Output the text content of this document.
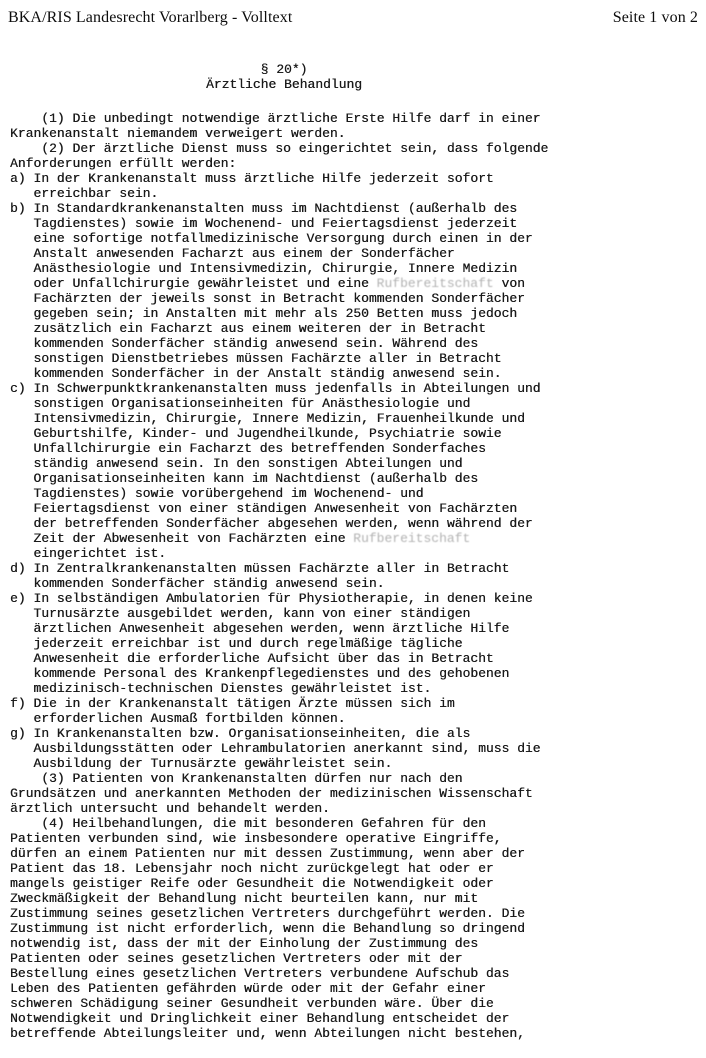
BKA/RIS Landesrecht Vorarlberg - Volltext	Seite 1 von 2
§ 20*)
Ärztliche Behandlung
(1) Die unbedingt notwendige ärztliche Erste Hilfe darf in einer
Krankenanstalt niemandem verweigert werden.
(2) Der ärztliche Dienst muss so eingerichtet sein, dass folgende
Anforderungen erfüllt werden:
a) In der Krankenanstalt muss ärztliche Hilfe jederzeit sofort
erreichbar sein.
b) In Standardkrankenanstalten muss im Nachtdienst (außerhalb des
Tagdienstes) sowie im Wochenend- und Feiertagsdienst jederzeit
eine sofortige notfallmedizinische Versorgung durch einen in der
Anstalt anwesenden Facharzt aus einem der Sonderfächer
Anästhesiologie und Intensivmedizin, Chirurgie, Innere Medizin
oder Unfallchirurgie gewährleistet und eine Rufbereitschaft von
Fachärzten der jeweils sonst in Betracht kommenden Sonderfächer
gegeben sein; in Anstalten mit mehr als 250 Betten muss jedoch
zusätzlich ein Facharzt aus einem weiteren der in Betracht
kommenden Sonderfächer ständig anwesend sein. Während des
sonstigen Dienstbetriebes müssen Fachärzte aller in Betracht
kommenden Sonderfächer in der Anstalt ständig anwesend sein.
c) In Schwerpunktkrankenanstalten muss jedenfalls in Abteilungen und
sonstigen Organisationseinheiten für Anästhesiologie und
Intensivmedizin, Chirurgie, Innere Medizin, Frauenheilkunde und
Geburtshilfe, Kinder- und Jugendheilkunde, Psychiatrie sowie
Unfallchirurgie ein Facharzt des betreffenden Sonderfaches
ständig anwesend sein. In den sonstigen Abteilungen und
Organisationseinheiten kann im Nachtdienst (außerhalb des
Tagdienstes) sowie vorübergehend im Wochenend- und
Feiertagsdienst von einer ständigen Anwesenheit von Fachärzten
der betreffenden Sonderfächer abgesehen werden, wenn während der
Zeit der Abwesenheit von Fachärzten eine Rufbereitschaft
eingerichtet ist.
d) In Zentralkrankenanstalten müssen Fachärzte aller in Betracht
kommenden Sonderfächer ständig anwesend sein.
e) In selbständigen Ambulatorien für Physiotherapie, in denen keine
Turnusärzte ausgebildet werden, kann von einer ständigen
ärztlichen Anwesenheit abgesehen werden, wenn ärztliche Hilfe
jederzeit erreichbar ist und durch regelmäßige tägliche
Anwesenheit die erforderliche Aufsicht über das in Betracht
kommende Personal des Krankenpflegedienstes und des gehobenen
medizinisch-technischen Dienstes gewährleistet ist.
f) Die in der Krankenanstalt tätigen Ärzte müssen sich im
erforderlichen Ausmaß fortbilden können.
g) In Krankenanstalten bzw. Organisationseinheiten, die als
Ausbildungsstätten oder Lehrambulatorien anerkannt sind, muss die
Ausbildung der Turnusärzte gewährleistet sein.
(3) Patienten von Krankenanstalten dürfen nur nach den
Grundsätzen und anerkannten Methoden der medizinischen Wissenschaft
ärztlich untersucht und behandelt werden.
(4) Heilbehandlungen, die mit besonderen Gefahren für den
Patienten verbunden sind, wie insbesondere operative Eingriffe,
dürfen an einem Patienten nur mit dessen Zustimmung, wenn aber der
Patient das 18. Lebensjahr noch nicht zurückgelegt hat oder er
mangels geistiger Reife oder Gesundheit die Notwendigkeit oder
Zweckmäßigkeit der Behandlung nicht beurteilen kann, nur mit
Zustimmung seines gesetzlichen Vertreters durchgeführt werden. Die
Zustimmung ist nicht erforderlich, wenn die Behandlung so dringend
notwendig ist, dass der mit der Einholung der Zustimmung des
Patienten oder seines gesetzlichen Vertreters oder mit der
Bestellung eines gesetzlichen Vertreters verbundene Aufschub das
Leben des Patienten gefährden würde oder mit der Gefahr einer
schweren Schädigung seiner Gesundheit verbunden wäre. Über die
Notwendigkeit und Dringlichkeit einer Behandlung entscheidet der
betreffende Abteilungsleiter und, wenn Abteilungen nicht bestehen,
